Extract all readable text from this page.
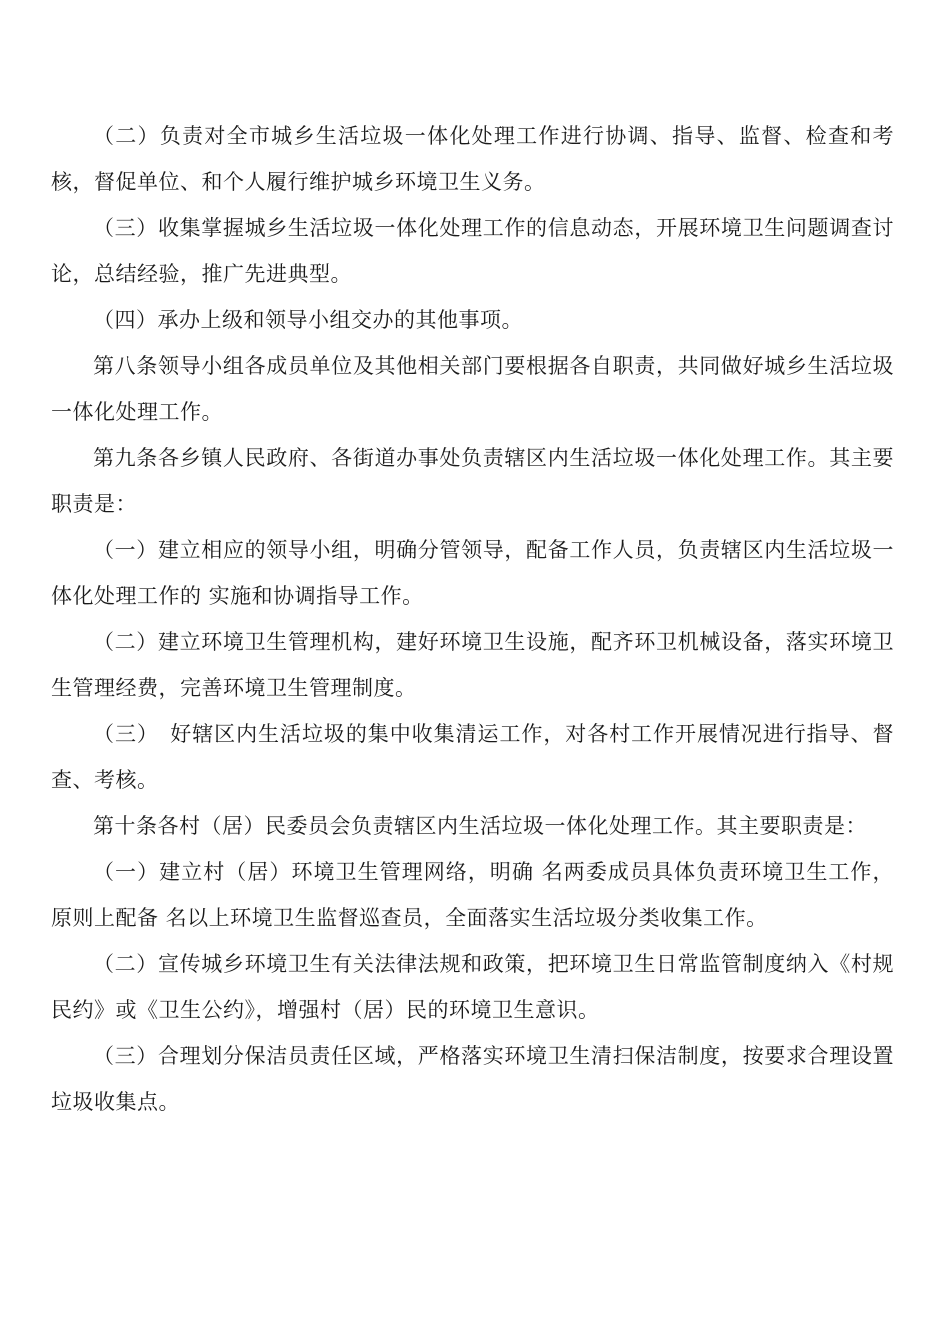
（二）负责对全市城乡生活垃圾一体化处理工作进行协调、指导、监督、检查和考核，督促单位、和个人履行维护城乡环境卫生义务。

（三）收集掌握城乡生活垃圾一体化处理工作的信息动态，开展环境卫生问题调查讨论，总结经验，推广先进典型。

（四）承办上级和领导小组交办的其他事项。

第八条领导小组各成员单位及其他相关部门要根据各自职责，共同做好城乡生活垃圾一体化处理工作。

第九条各乡镇人民政府、各街道办事处负责辖区内生活垃圾一体化处理工作。其主要职责是：

（一）建立相应的领导小组，明确分管领导，配备工作人员，负责辖区内生活垃圾一体化处理工作的 实施和协调指导工作。

（二）建立环境卫生管理机构，建好环境卫生设施，配齐环卫机械设备，落实环境卫生管理经费，完善环境卫生管理制度。

（三）　好辖区内生活垃圾的集中收集清运工作，对各村工作开展情况进行指导、督查、考核。

第十条各村（居）民委员会负责辖区内生活垃圾一体化处理工作。其主要职责是：

（一）建立村（居）环境卫生管理网络，明确 名两委成员具体负责环境卫生工作，原则上配备 名以上环境卫生监督巡查员，全面落实生活垃圾分类收集工作。

（二）宣传城乡环境卫生有关法律法规和政策，把环境卫生日常监管制度纳入《村规民约》或《卫生公约》，增强村（居）民的环境卫生意识。

（三）合理划分保洁员责任区域，严格落实环境卫生清扫保洁制度，按要求合理设置垃圾收集点。
